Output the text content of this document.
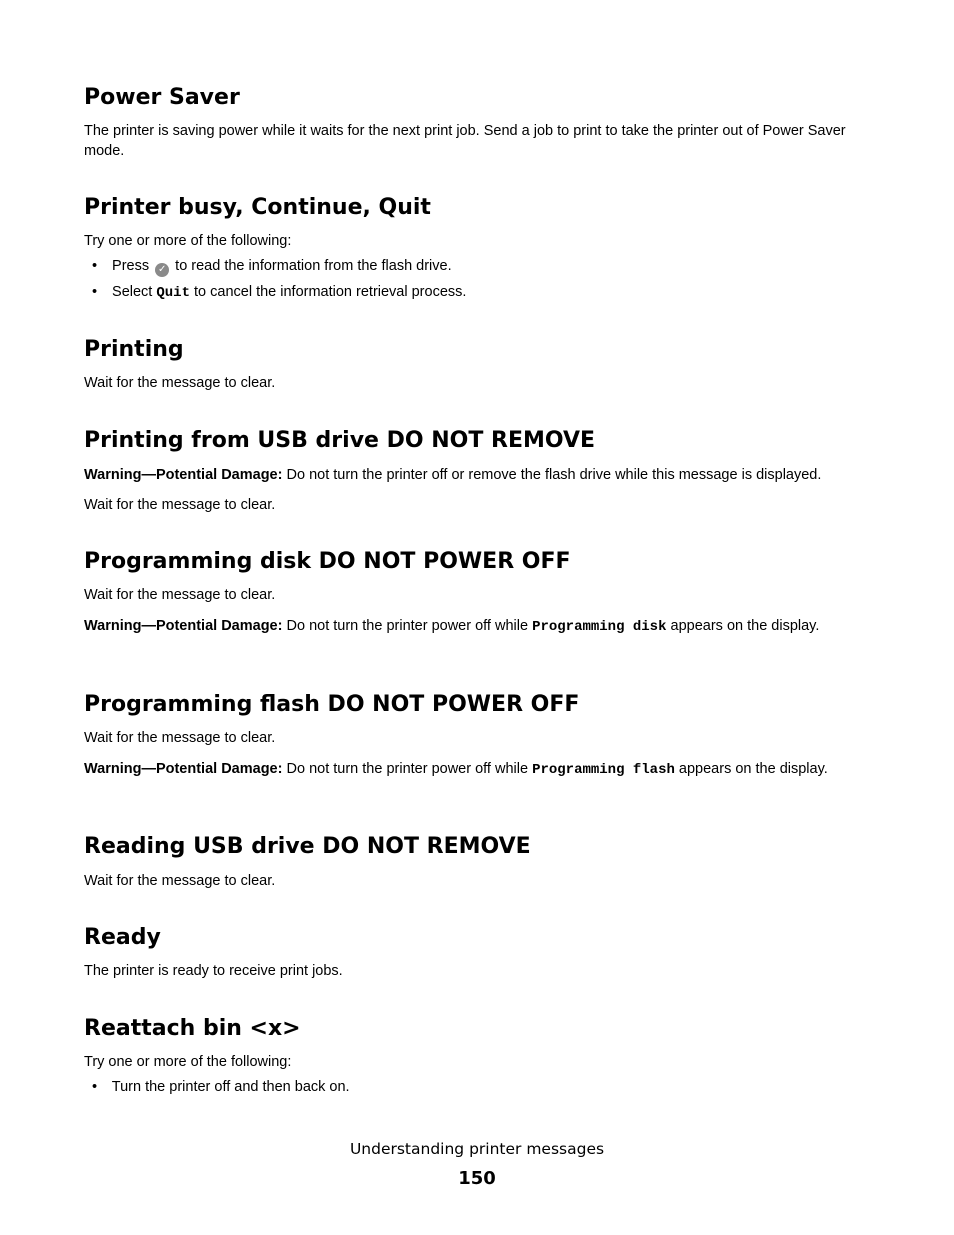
Power Saver

The printer is saving power while it waits for the next print job. Send a job to print to take the printer out of Power Saver mode.

Printer busy, Continue, Quit

Try one or more of the following:

• Press ✓ to read the information from the flash drive.
• Select Quit to cancel the information retrieval process.
Printing

Wait for the message to clear.

Printing from USB drive DO NOT REMOVE

Warning—Potential Damage: Do not turn the printer off or remove the flash drive while this message is displayed.

Wait for the message to clear.

Programming disk DO NOT POWER OFF

Wait for the message to clear.

Warning—Potential Damage: Do not turn the printer power off while Programming disk appears on the display.

Programming flash DO NOT POWER OFF

Wait for the message to clear.

Warning—Potential Damage: Do not turn the printer power off while Programming flash appears on the display.

Reading USB drive DO NOT REMOVE

Wait for the message to clear.

Ready

The printer is ready to receive print jobs.

Reattach bin <x>

Try one or more of the following:

• Turn the printer off and then back on.
Understanding printer messages
150
